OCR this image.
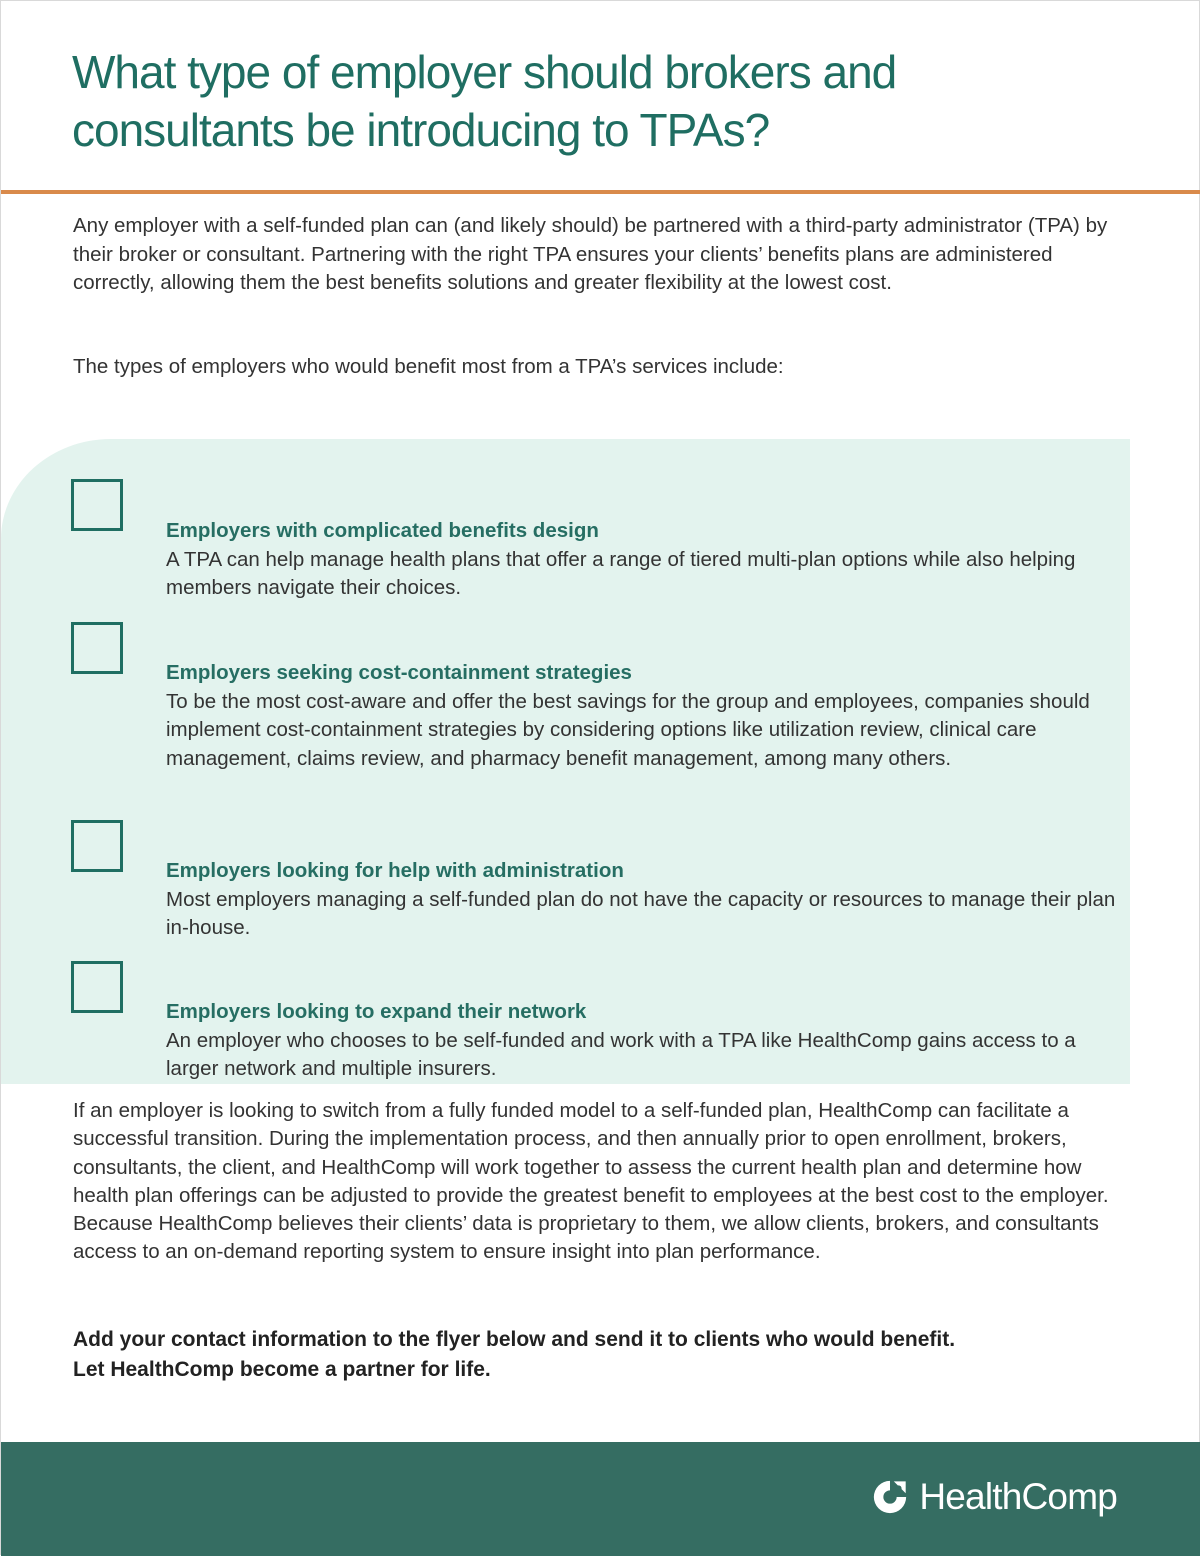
What type of employer should brokers and
consultants be introducing to TPAs?

Any employer with a self-funded plan can (and likely should) be partnered with a third-party administrator (TPA) by their broker or consultant. Partnering with the right TPA ensures your clients’ benefits plans are administered correctly, allowing them the best benefits solutions and greater flexibility at the lowest cost.

The types of employers who would benefit most from a TPA’s services include:

Employers with complicated benefits design

A TPA can help manage health plans that offer a range of tiered multi-plan options while also helping members navigate their choices.

Employers seeking cost-containment strategies

To be the most cost-aware and offer the best savings for the group and employees, companies should implement cost-containment strategies by considering options like utilization review, clinical care management, claims review, and pharmacy benefit management, among many others.

Employers looking for help with administration

Most employers managing a self-funded plan do not have the capacity or resources to manage their plan in-house.

Employers looking to expand their network

An employer who chooses to be self-funded and work with a TPA like HealthComp gains access to a larger network and multiple insurers.

If an employer is looking to switch from a fully funded model to a self-funded plan, HealthComp can facilitate a successful transition. During the implementation process, and then annually prior to open enrollment, brokers, consultants, the client, and HealthComp will work together to assess the current health plan and determine how health plan offerings can be adjusted to provide the greatest benefit to employees at the best cost to the employer. Because HealthComp believes their clients’ data is proprietary to them, we allow clients, brokers, and consultants access to an on-demand reporting system to ensure insight into plan performance.

Add your contact information to the flyer below and send it to clients who would benefit.
Let HealthComp become a partner for life.

HealthComp
